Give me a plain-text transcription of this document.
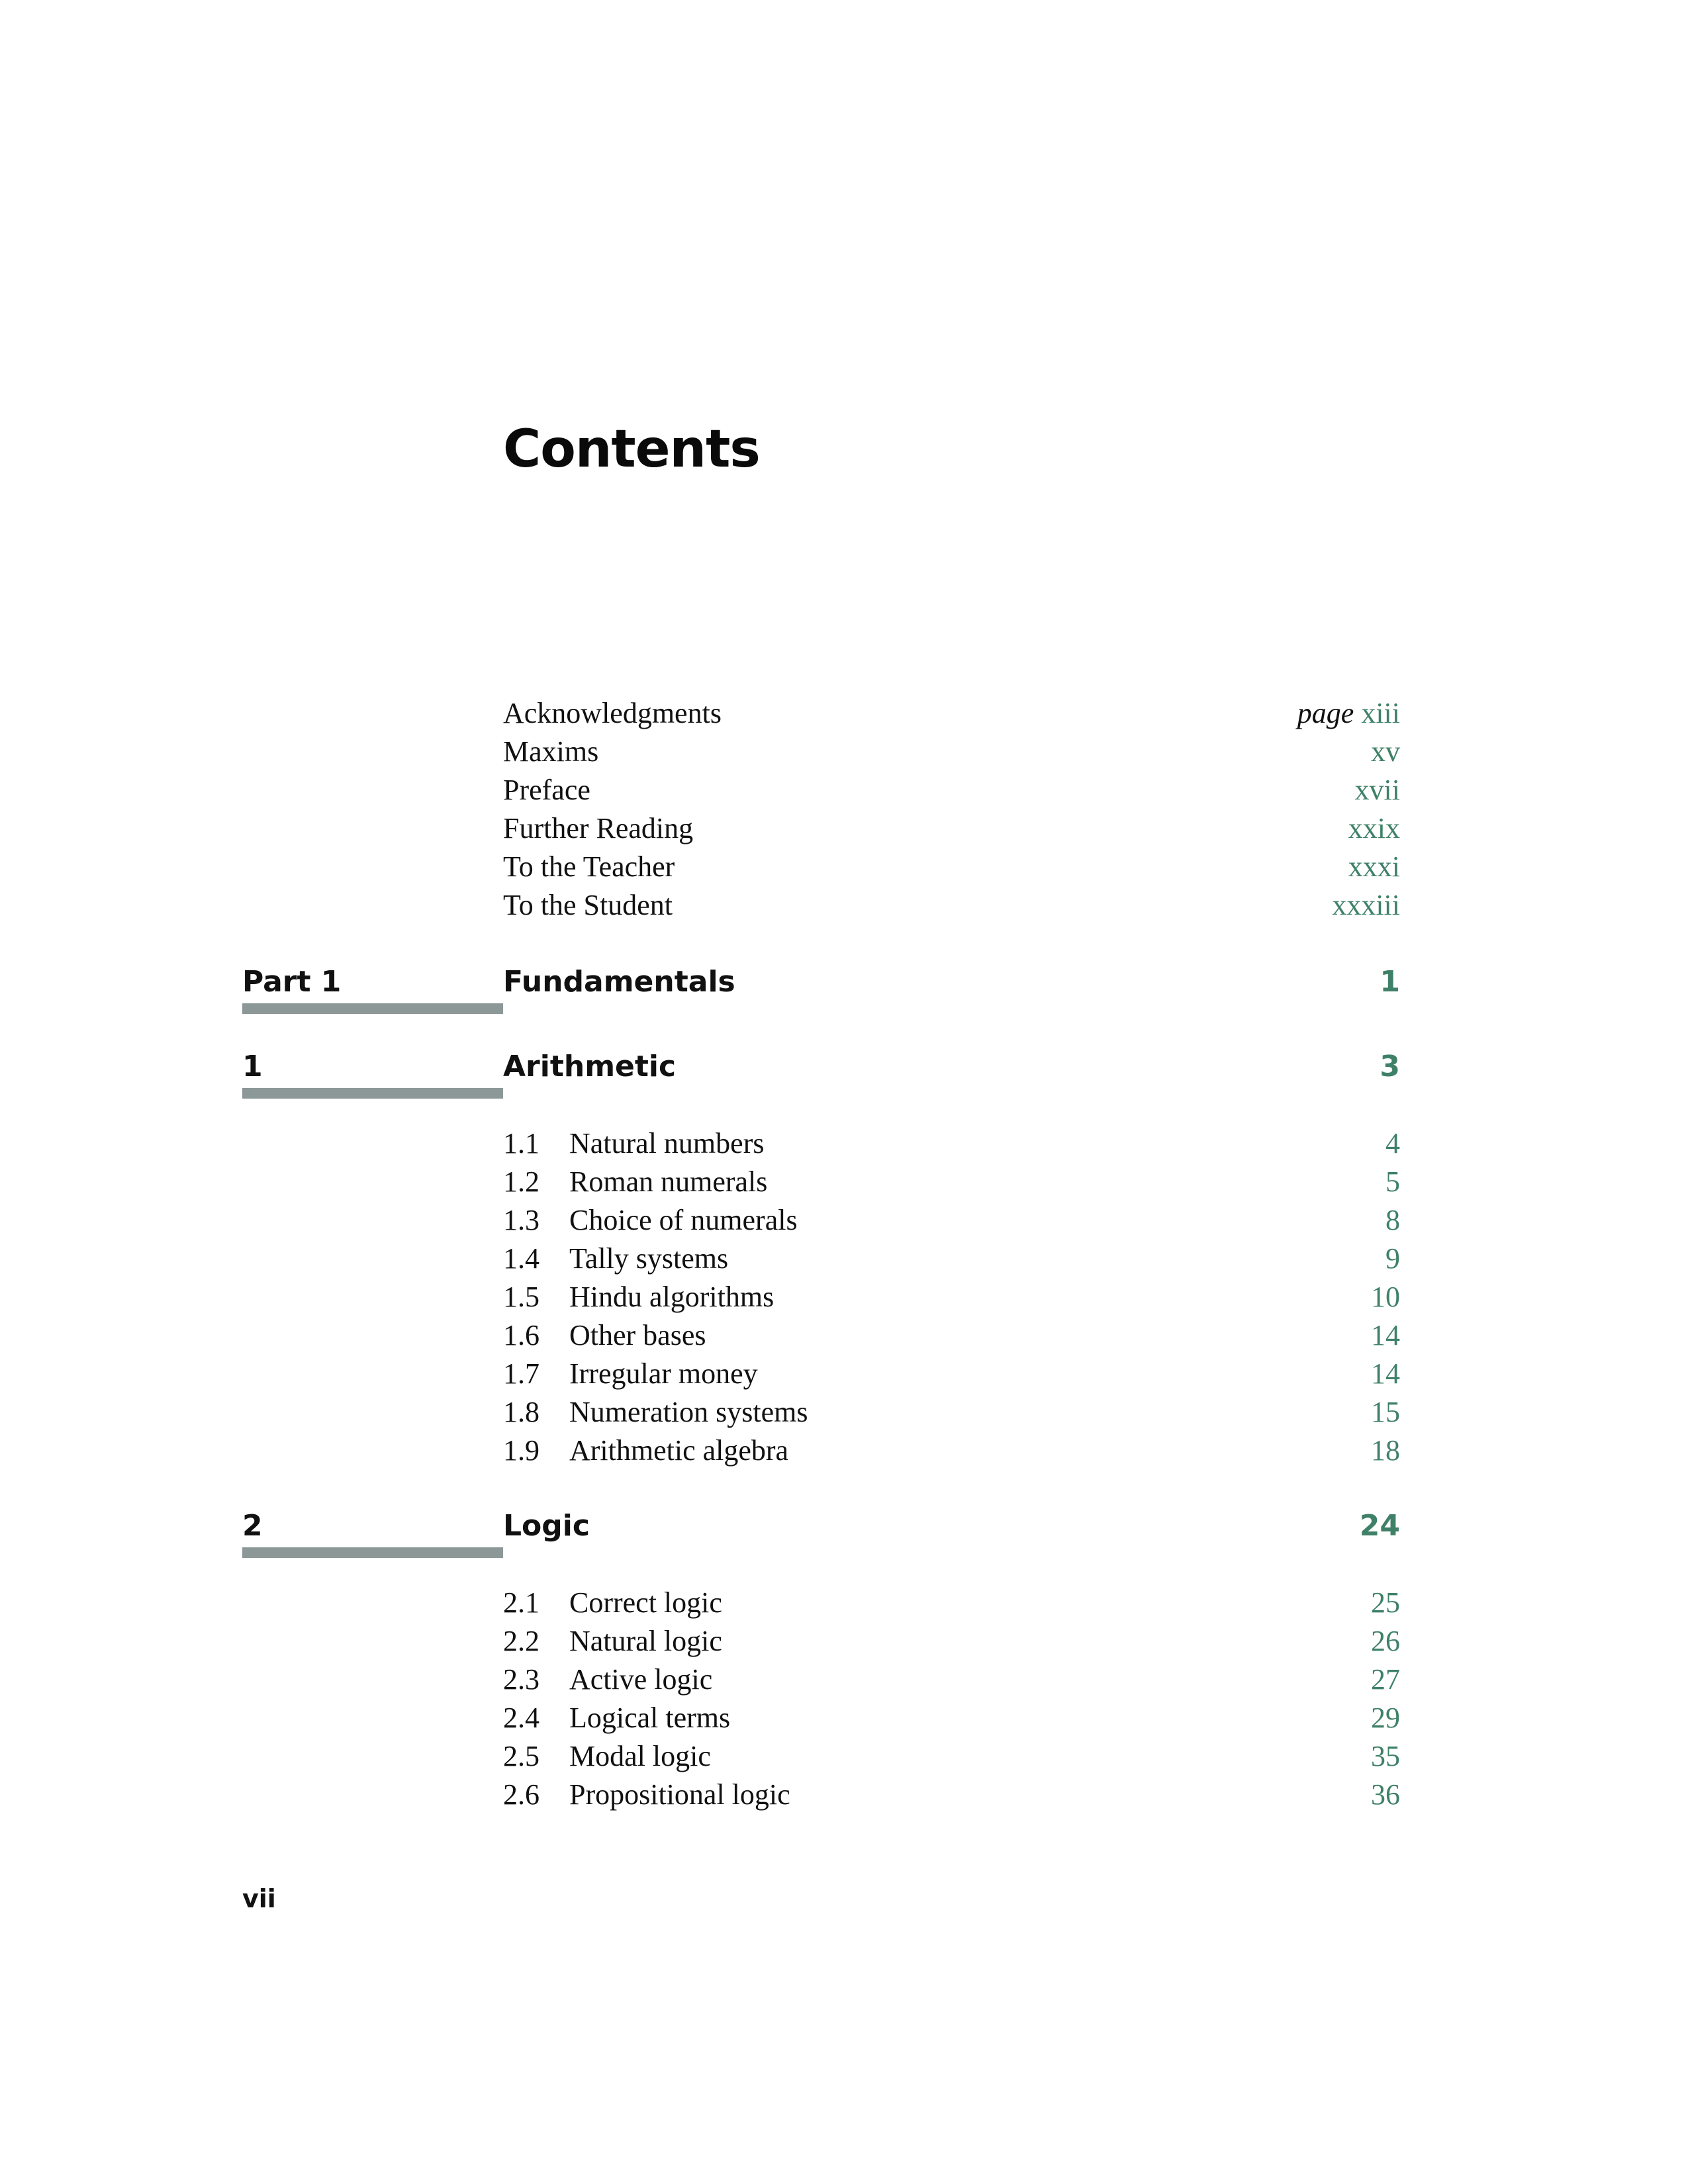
Contents
Acknowledgments	page xiii
Maxims	xv
Preface	xvii
Further Reading	xxix
To the Teacher	xxxi
To the Student	xxxiii
Part 1	Fundamentals	1
1	Arithmetic	3
1.1 Natural numbers	4
1.2 Roman numerals	5
1.3 Choice of numerals	8
1.4 Tally systems	9
1.5 Hindu algorithms	10
1.6 Other bases	14
1.7 Irregular money	14
1.8 Numeration systems	15
1.9 Arithmetic algebra	18
2	Logic	24
2.1 Correct logic	25
2.2 Natural logic	26
2.3 Active logic	27
2.4 Logical terms	29
2.5 Modal logic	35
2.6 Propositional logic	36
vii
